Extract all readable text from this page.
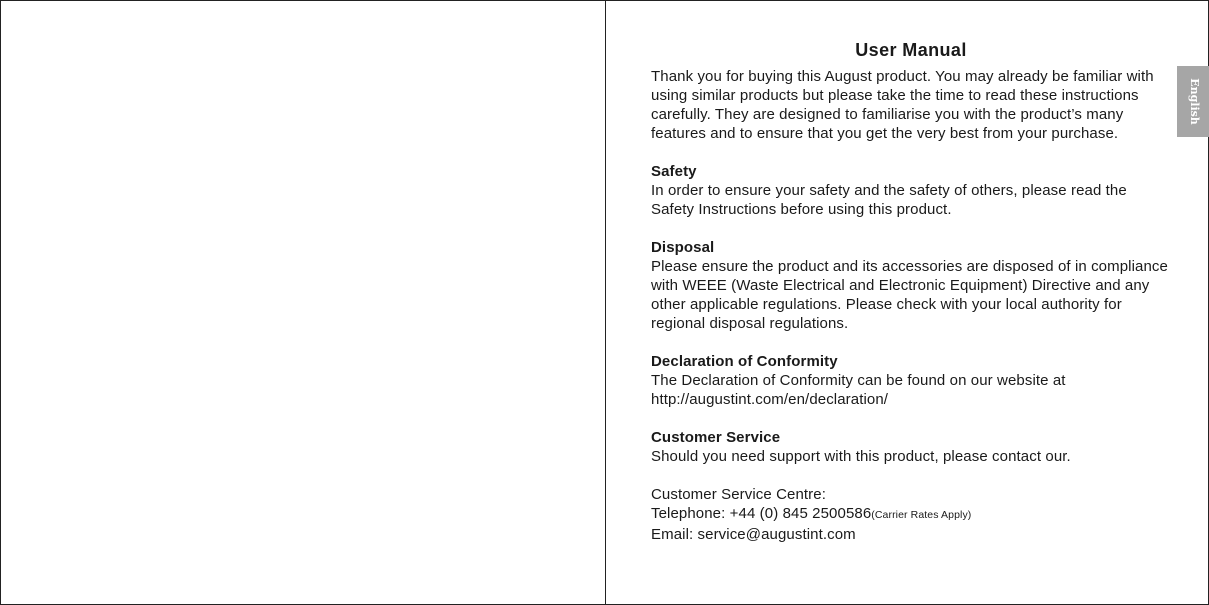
English
User Manual

Thank you for buying this August product. You may already be familiar with using similar products but please take the time to read these instructions carefully. They are designed to familiarise you with the product’s many features and to ensure that you get the very best from your purchase.

Safety

In order to ensure your safety and the safety of others, please read the Safety Instructions before using this product.

Disposal

Please ensure the product and its accessories are disposed of in compliance with WEEE (Waste Electrical and Electronic Equipment) Directive and any other applicable regulations. Please check with your local authority for regional disposal regulations.

Declaration of Conformity

The Declaration of Conformity can be found on our website at

http://augustint.com/en/declaration/

Customer Service

Should you need support with this product, please contact our.

Customer Service Centre:

Telephone: +44 (0) 845 2500586(Carrier Rates Apply)

Email: service@augustint.com
